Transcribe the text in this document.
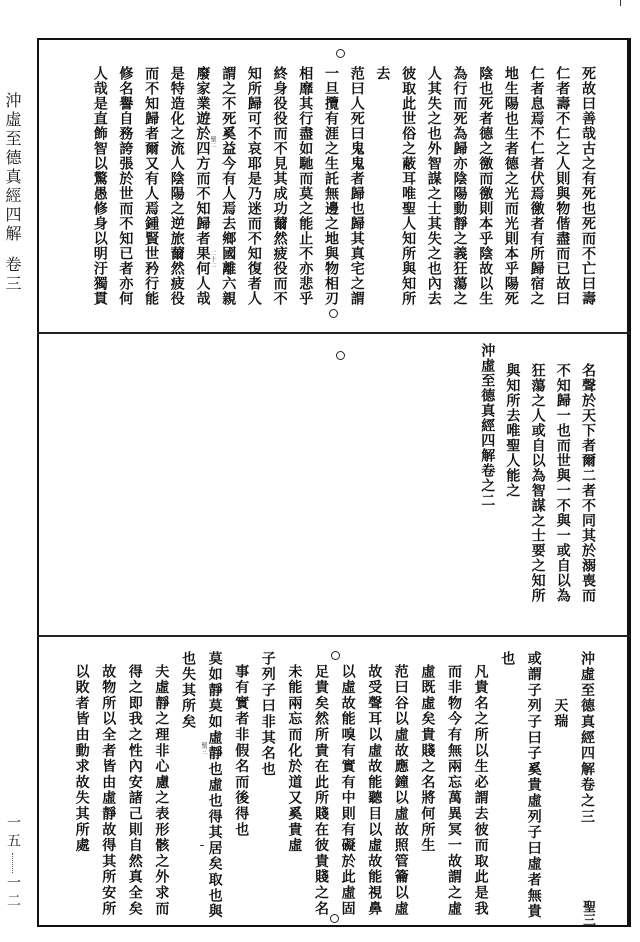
沖虛至德真經四解卷三
一五一二
死故曰善哉古之有死也死而不亡曰壽
仁者壽不仁之人則與物偕盡而已故曰
仁者息焉不仁者伏焉徼者有所歸宿之
地生陽也生者德之光而光則本乎陽死
陰也死者德之徼而徼則本乎陰故以生
為行而死為歸亦陰陽動靜之義狂蕩之
人其失之也外智謀之士其失之也內去
彼取此世俗之蔽耳唯聖人知所與知所
去
范曰人死曰鬼鬼者歸也歸其真宅之謂
一旦攬有涯之生託無邊之地與物相刃
相靡其行盡如馳而莫之能止不亦悲乎
終身役役而不見其成功薾然疲役而不
知所歸可不哀耶是乃迷而不知復者人
謂之不死奚益今有人焉去鄉國離六親
廢家業遊於四方而不知歸者果何人哉
是特造化之流人陰陽之逆旅薾然疲役
而不知歸者爾又有人焉鍾賢世矜行能
修名譽自務誇張於世而不知已者亦何
人哉是直飾智以驚愚修身以明汙獨貫
名聲於天下者爾二者不同其於溺喪而
不知歸一也而世與一不與一或自以為
狂蕩之人或自以為智謀之士要之知所
與知所去唯聖人能之
沖虛至德真經四解卷之二
沖虛至德真經四解卷之三
天瑞
或謂子列子曰子奚貴虛列子曰虛者無貴
也
凡貴名之所以生必謂去彼而取此是我
而非物今有無兩忘萬異冥一故謂之虛
虛既虛矣貴賤之名將何所生
范曰谷以虛故應鐘以虛故照管籥以虛
故受聲耳以虛故能聽目以虛故能視鼻
以虛故能嗅有實有中則有礙於此虛固
足貴矣然所貴在此所賤在彼貴賤之名
未能兩忘而化於道又奚貴虛
子列子曰非其名也
事有實者非假名而後得也
莫如靜莫如虛靜也虛也得其居矣取也與
也失其所矣
夫虛靜之理非心慮之表形骸之外求而
得之即我之性內安諸己則自然真全矣
故物所以全者皆由虛靜故得其所安所
以敗者皆由動求故失其所處
聖二
二十二
聖三
聖三
